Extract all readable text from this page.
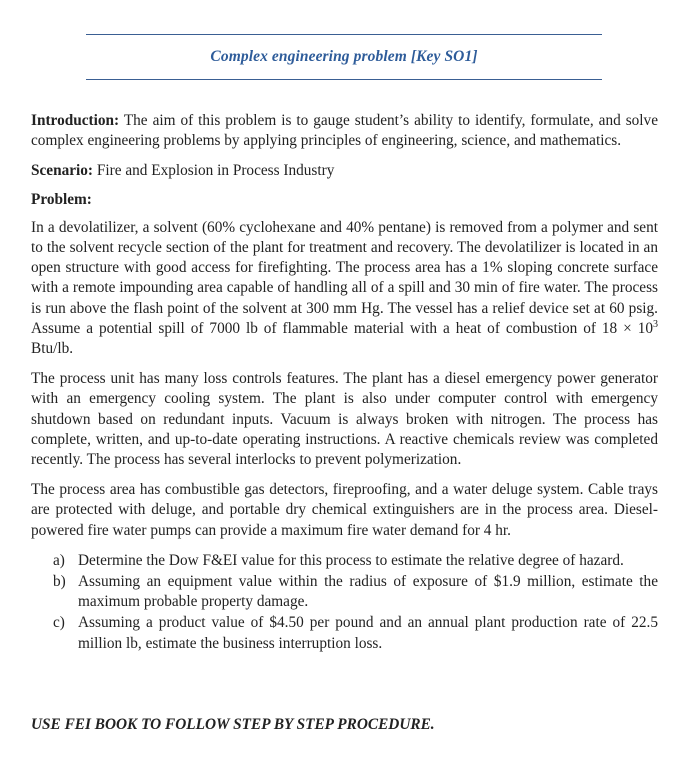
Complex engineering problem [Key SO1]

Introduction: The aim of this problem is to gauge student’s ability to identify, formulate, and solve complex engineering problems by applying principles of engineering, science, and mathematics.

Scenario: Fire and Explosion in Process Industry

Problem:

In a devolatilizer, a solvent (60% cyclohexane and 40% pentane) is removed from a polymer and sent to the solvent recycle section of the plant for treatment and recovery. The devolatilizer is located in an open structure with good access for firefighting. The process area has a 1% sloping concrete surface with a remote impounding area capable of handling all of a spill and 30 min of fire water. The process is run above the flash point of the solvent at 300 mm Hg. The vessel has a relief device set at 60 psig. Assume a potential spill of 7000 lb of flammable material with a heat of combustion of $18 \times 10^3$ Btu/lb.

The process unit has many loss controls features. The plant has a diesel emergency power generator with an emergency cooling system. The plant is also under computer control with emergency shutdown based on redundant inputs. Vacuum is always broken with nitrogen. The process has complete, written, and up-to-date operating instructions. A reactive chemicals review was completed recently. The process has several interlocks to prevent polymerization.

The process area has combustible gas detectors, fireproofing, and a water deluge system. Cable trays are protected with deluge, and portable dry chemical extinguishers are in the process area. Diesel-powered fire water pumps can provide a maximum fire water demand for 4 hr.

a) Determine the Dow F&EI value for this process to estimate the relative degree of hazard.
b) Assuming an equipment value within the radius of exposure of $1.9 million, estimate the maximum probable property damage.
c) Assuming a product value of $4.50 per pound and an annual plant production rate of 22.5 million lb, estimate the business interruption loss.
USE FEI BOOK TO FOLLOW STEP BY STEP PROCEDURE.
